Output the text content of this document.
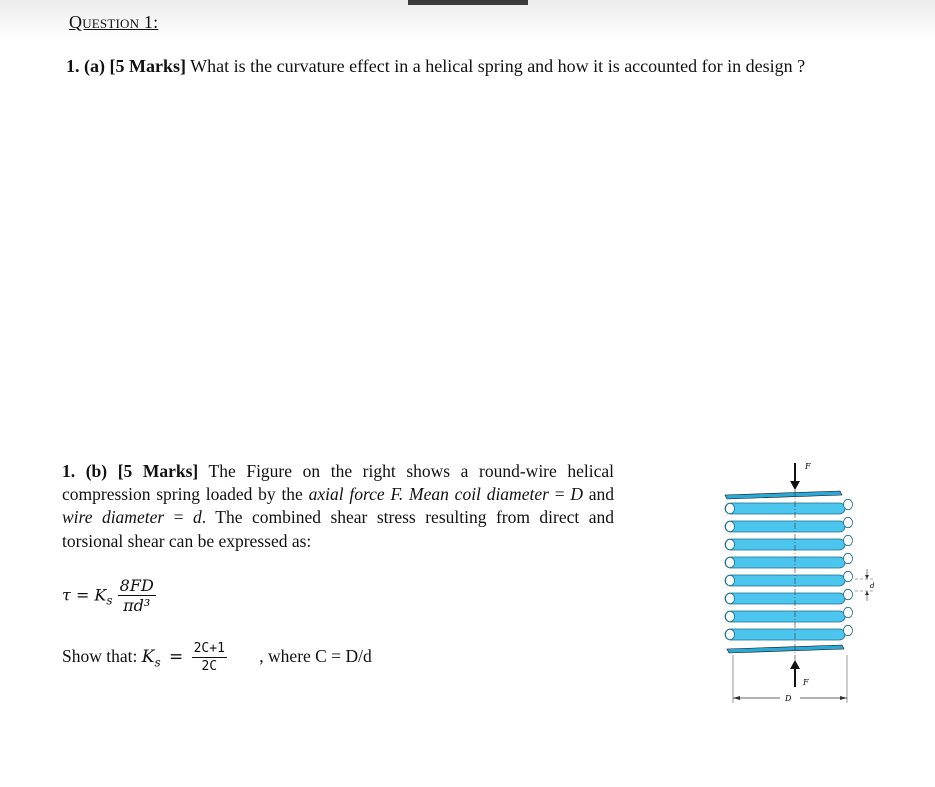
Question 1:
1. (a) [5 Marks] What is the curvature effect in a helical spring and how it is accounted for in design ?
1. (b) [5 Marks] The Figure on the right shows a round-wire helical compression spring loaded by the axial force F. Mean coil diameter = D and wire diameter = d. The combined shear stress resulting from direct and torsional shear can be expressed as:
$\tau = K_s \frac{8FD}{\text{πd³}}$
Show that: $K_s = \frac{2C+1}{2C}$ , where C = D/d
F
F
D
d
